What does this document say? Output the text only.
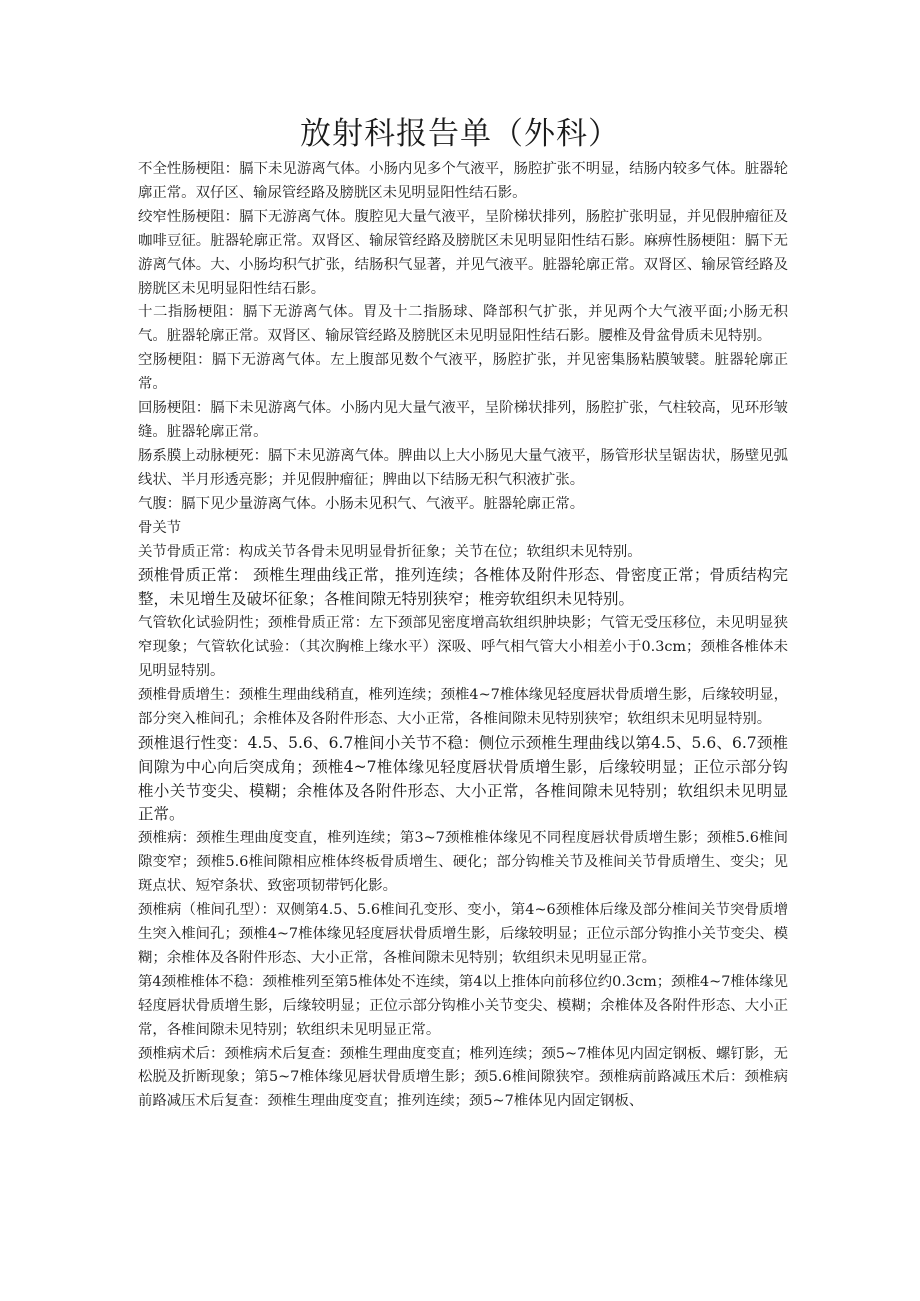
放射科报告单（外科）

不全性肠梗阻：膈下未见游离气体。小肠内见多个气液平，肠腔扩张不明显，结肠内较多气体。脏器轮廓正常。双仔区、输尿管经路及膀胱区未见明显阳性结石影。

绞窄性肠梗阻：膈下无游离气体。腹腔见大量气液平，呈阶梯状排列，肠腔扩张明显，并见假肿瘤征及咖啡豆征。脏器轮廓正常。双肾区、输尿管经路及膀胱区未见明显阳性结石影。麻痹性肠梗阻：膈下无游离气体。大、小肠均积气扩张，结肠积气显著，并见气液平。脏器轮廓正常。双肾区、输尿管经路及膀胱区未见明显阳性结石影。

十二指肠梗阻：膈下无游离气体。胃及十二指肠球、降部积气扩张，并见两个大气液平面;小肠无积气。脏器轮廓正常。双肾区、输尿管经路及膀胱区未见明显阳性结石影。腰椎及骨盆骨质未见特别。

空肠梗阻：膈下无游离气体。左上腹部见数个气液平，肠腔扩张，并见密集肠粘膜皱襞。脏器轮廓正常。

回肠梗阻：膈下未见游离气体。小肠内见大量气液平，呈阶梯状排列，肠腔扩张，气柱较高，见环形皱缝。脏器轮廓正常。

肠系膜上动脉梗死：膈下未见游离气体。脾曲以上大小肠见大量气液平，肠管形状呈锯齿状，肠壁见弧线状、半月形透亮影；并见假肿瘤征；脾曲以下结肠无积气积液扩张。

气腹：膈下见少量游离气体。小肠未见积气、气液平。脏器轮廓正常。

骨关节

关节骨质正常：构成关节各骨未见明显骨折征象；关节在位；软组织未见特别。

颈椎骨质正常： 颈椎生理曲线正常，推列连续；各椎体及附件形态、骨密度正常；骨质结构完整，未见增生及破坏征象；各椎间隙无特别狭窄；椎旁软组织未见特别。

气管软化试验阴性；颈椎骨质正常：左下颈部见密度增高软组织肿块影；气管无受压移位，未见明显狭窄现象；气管软化试验：（其次胸椎上缘水平）深吸、呼气相气管大小相差小于0.3cm；颈椎各椎体未见明显特别。

颈椎骨质增生：颈椎生理曲线稍直，椎列连续；颈椎4~7椎体缘见轻度唇状骨质增生影，后缘较明显，部分突入椎间孔；余椎体及各附件形态、大小正常，各椎间隙未见特别狭窄；软组织未见明显特别。

颈椎退行性变：4.5、5.6、6.7椎间小关节不稳：侧位示颈椎生理曲线以第4.5、5.6、6.7颈椎间隙为中心向后突成角；颈椎4~7椎体缘见轻度唇状骨质增生影，后缘较明显；正位示部分钩椎小关节变尖、模糊；余椎体及各附件形态、大小正常，各椎间隙未见特别；软组织未见明显正常。

颈椎病：颈椎生理曲度变直，椎列连续；第3~7颈椎椎体缘见不同程度唇状骨质增生影；颈椎5.6椎间隙变窄；颈椎5.6椎间隙相应椎体终板骨质增生、硬化；部分钩椎关节及椎间关节骨质增生、变尖；见斑点状、短窄条状、致密项韧带钙化影。

颈椎病（椎间孔型）：双侧第4.5、5.6椎间孔变形、变小，第4~6颈椎体后缘及部分椎间关节突骨质增生突入椎间孔；颈椎4~7椎体缘见轻度唇状骨质增生影，后缘较明显；正位示部分钩推小关节变尖、模糊；余椎体及各附件形态、大小正常，各椎间隙未见特别；软组织未见明显正常。

第4颈椎椎体不稳：颈椎椎列至第5椎体处不连续，第4以上推体向前移位约0.3cm；颈椎4~7椎体缘见轻度唇状骨质增生影，后缘较明显；正位示部分钩椎小关节变尖、模糊；余椎体及各附件形态、大小正常，各椎间隙未见特别；软组织未见明显正常。

颈椎病术后：颈椎病术后复查：颈椎生理曲度变直；椎列连续；颈5~7椎体见内固定钢板、螺钉影，无松脱及折断现象；第5~7椎体缘见唇状骨质增生影；颈5.6椎间隙狭窄。颈椎病前路减压术后：颈椎病前路减压术后复查：颈椎生理曲度变直；推列连续；颈5~7椎体见内固定钢板、
